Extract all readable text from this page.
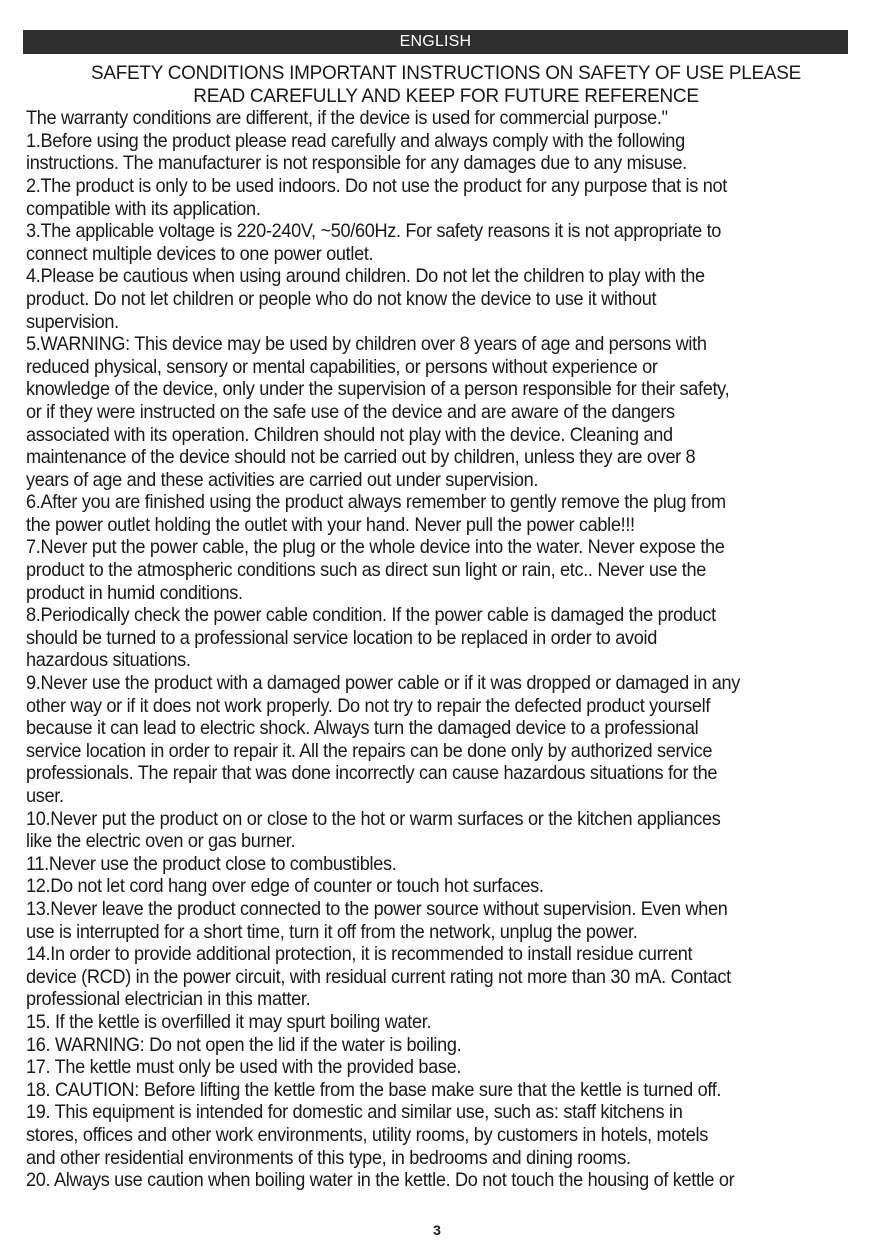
ENGLISH
SAFETY CONDITIONS IMPORTANT INSTRUCTIONS ON SAFETY OF USE PLEASE
READ CAREFULLY AND KEEP FOR FUTURE REFERENCE
The warranty conditions are different, if the device is used for commercial purpose."
1.Before using the product please read carefully and always comply with the following
instructions. The manufacturer is not responsible for any damages due to any misuse.
2.The product is only to be used indoors. Do not use the product for any purpose that is not
compatible with its application.
3.The applicable voltage is 220-240V, ~50/60Hz. For safety reasons it is not appropriate to
connect multiple devices to one power outlet.
4.Please be cautious when using around children. Do not let the children to play with the
product. Do not let children or people who do not know the device to use it without
supervision.
5.WARNING: This device may be used by children over 8 years of age and persons with
reduced physical, sensory or mental capabilities, or persons without experience or
knowledge of the device, only under the supervision of a person responsible for their safety,
or if they were instructed on the safe use of the device and are aware of the dangers
associated with its operation. Children should not play with the device. Cleaning and
maintenance of the device should not be carried out by children, unless they are over 8
years of age and these activities are carried out under supervision.
6.After you are finished using the product always remember to gently remove the plug from
the power outlet holding the outlet with your hand. Never pull the power cable!!!
7.Never put the power cable, the plug or the whole device into the water. Never expose the
product to the atmospheric conditions such as direct sun light or rain, etc.. Never use the
product in humid conditions.
8.Periodically check the power cable condition. If the power cable is damaged the product
should be turned to a professional service location to be replaced in order to avoid
hazardous situations.
9.Never use the product with a damaged power cable or if it was dropped or damaged in any
other way or if it does not work properly. Do not try to repair the defected product yourself
because it can lead to electric shock. Always turn the damaged device to a professional
service location in order to repair it. All the repairs can be done only by authorized service
professionals. The repair that was done incorrectly can cause hazardous situations for the
user.
10.Never put the product on or close to the hot or warm surfaces or the kitchen appliances
like the electric oven or gas burner.
11.Never use the product close to combustibles.
12.Do not let cord hang over edge of counter or touch hot surfaces.
13.Never leave the product connected to the power source without supervision. Even when
use is interrupted for a short time, turn it off from the network, unplug the power.
14.In order to provide additional protection, it is recommended to install residue current
device (RCD) in the power circuit, with residual current rating not more than 30 mA. Contact
professional electrician in this matter.
15. If the kettle is overfilled it may spurt boiling water.
16. WARNING: Do not open the lid if the water is boiling.
17. The kettle must only be used with the provided base.
18. CAUTION: Before lifting the kettle from the base make sure that the kettle is turned off.
19. This equipment is intended for domestic and similar use, such as: staff kitchens in
stores, offices and other work environments, utility rooms, by customers in hotels, motels
and other residential environments of this type, in bedrooms and dining rooms.
20. Always use caution when boiling water in the kettle. Do not touch the housing of kettle or
3
